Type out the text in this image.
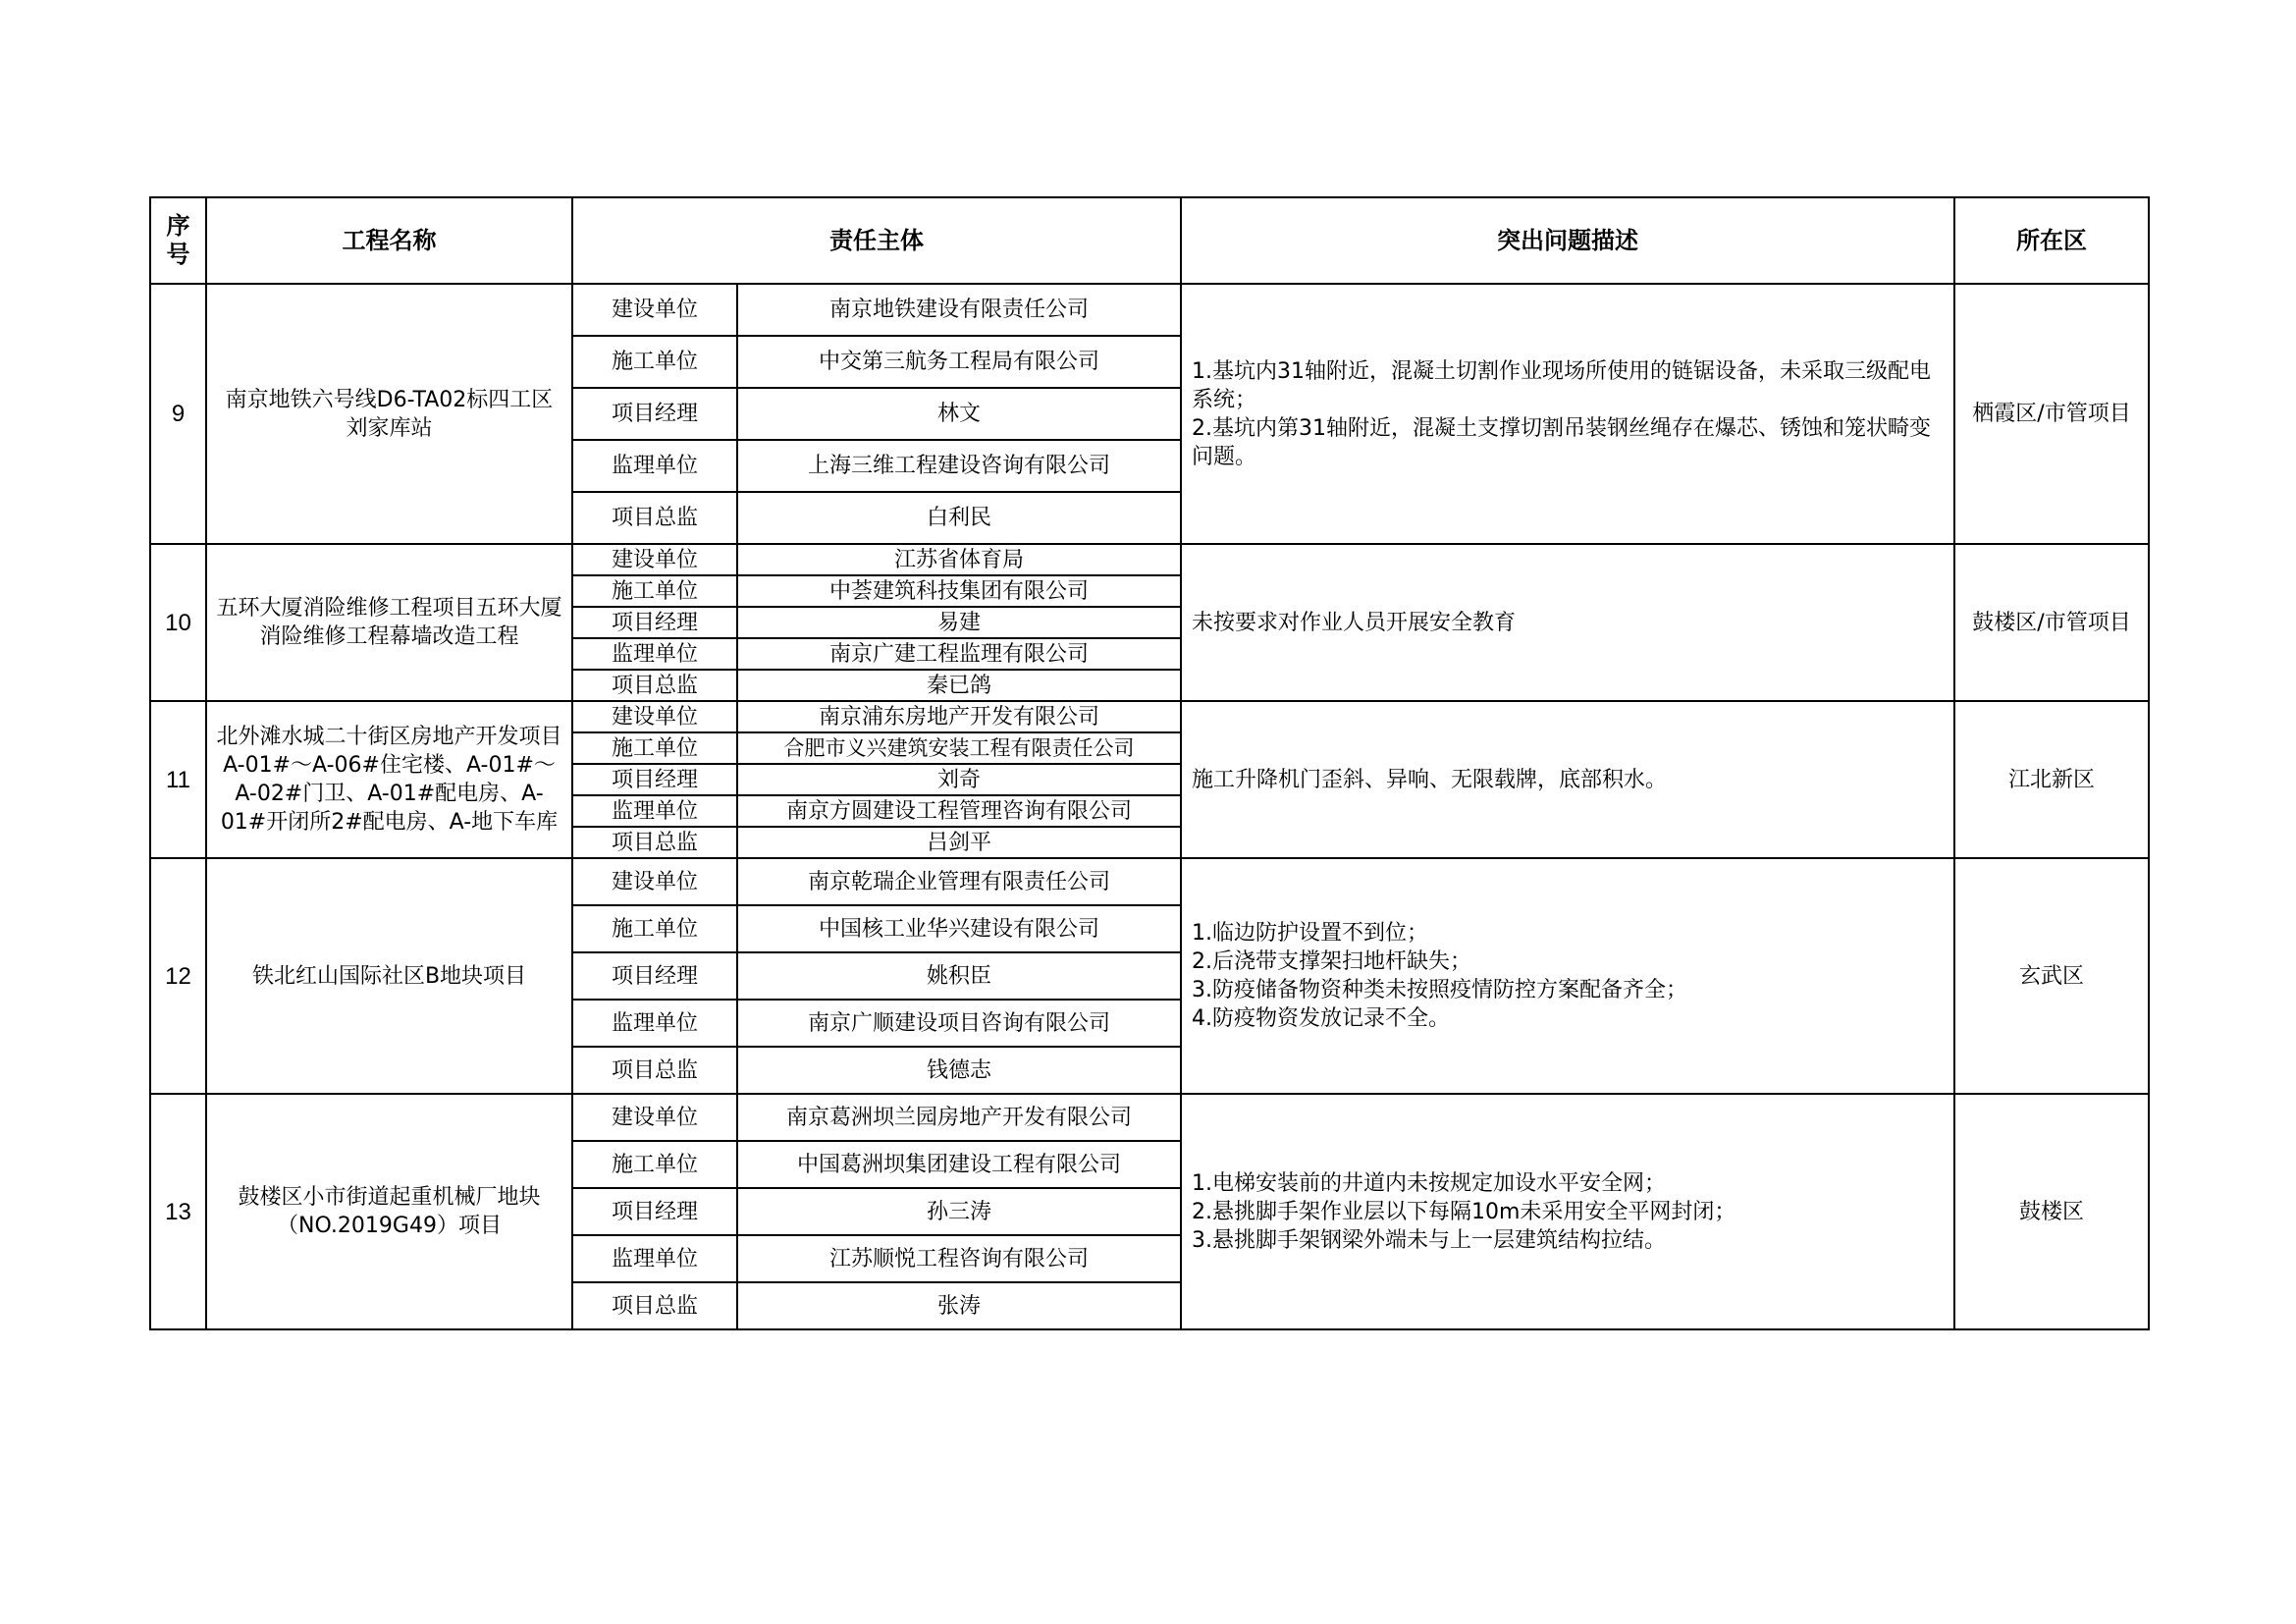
序号	工程名称	责任主体		突出问题描述	所在区
9	南京地铁六号线D6-TA02标四工区刘家库站	建设单位	南京地铁建设有限责任公司	1.基坑内31轴附近，混凝土切割作业现场所使用的链锯设备，未采取三级配电系统；
2.基坑内第31轴附近，混凝土支撑切割吊装钢丝绳存在爆芯、锈蚀和笼状畸变问题。	栖霞区/市管项目
		施工单位	中交第三航务工程局有限公司		
		项目经理	林文		
		监理单位	上海三维工程建设咨询有限公司		
		项目总监	白利民		
10	五环大厦消险维修工程项目五环大厦消险维修工程幕墙改造工程	建设单位	江苏省体育局	未按要求对作业人员开展安全教育	鼓楼区/市管项目
		施工单位	中荟建筑科技集团有限公司		
		项目经理	易建		
		监理单位	南京广建工程监理有限公司		
		项目总监	秦已鸽		
11	北外滩水城二十街区房地产开发项目A-01#～A-06#住宅楼、A-01#～A-02#门卫、A-01#配电房、A-01#开闭所2#配电房、A-地下车库	建设单位	南京浦东房地产开发有限公司	施工升降机门歪斜、异响、无限载牌，底部积水。	江北新区
		施工单位	合肥市义兴建筑安装工程有限责任公司		
		项目经理	刘奇		
		监理单位	南京方圆建设工程管理咨询有限公司		
		项目总监	吕剑平		
12	铁北红山国际社区B地块项目	建设单位	南京乾瑞企业管理有限责任公司	1.临边防护设置不到位；
2.后浇带支撑架扫地杆缺失；
3.防疫储备物资种类未按照疫情防控方案配备齐全；
4.防疫物资发放记录不全。	玄武区
		施工单位	中国核工业华兴建设有限公司		
		项目经理	姚积臣		
		监理单位	南京广顺建设项目咨询有限公司		
		项目总监	钱德志		
13	鼓楼区小市街道起重机械厂地块（NO.2019G49）项目	建设单位	南京葛洲坝兰园房地产开发有限公司	1.电梯安装前的井道内未按规定加设水平安全网；
2.悬挑脚手架作业层以下每隔10m未采用安全平网封闭；
3.悬挑脚手架钢梁外端未与上一层建筑结构拉结。	鼓楼区
		施工单位	中国葛洲坝集团建设工程有限公司		
		项目经理	孙三涛		
		监理单位	江苏顺悦工程咨询有限公司		
		项目总监	张涛		
